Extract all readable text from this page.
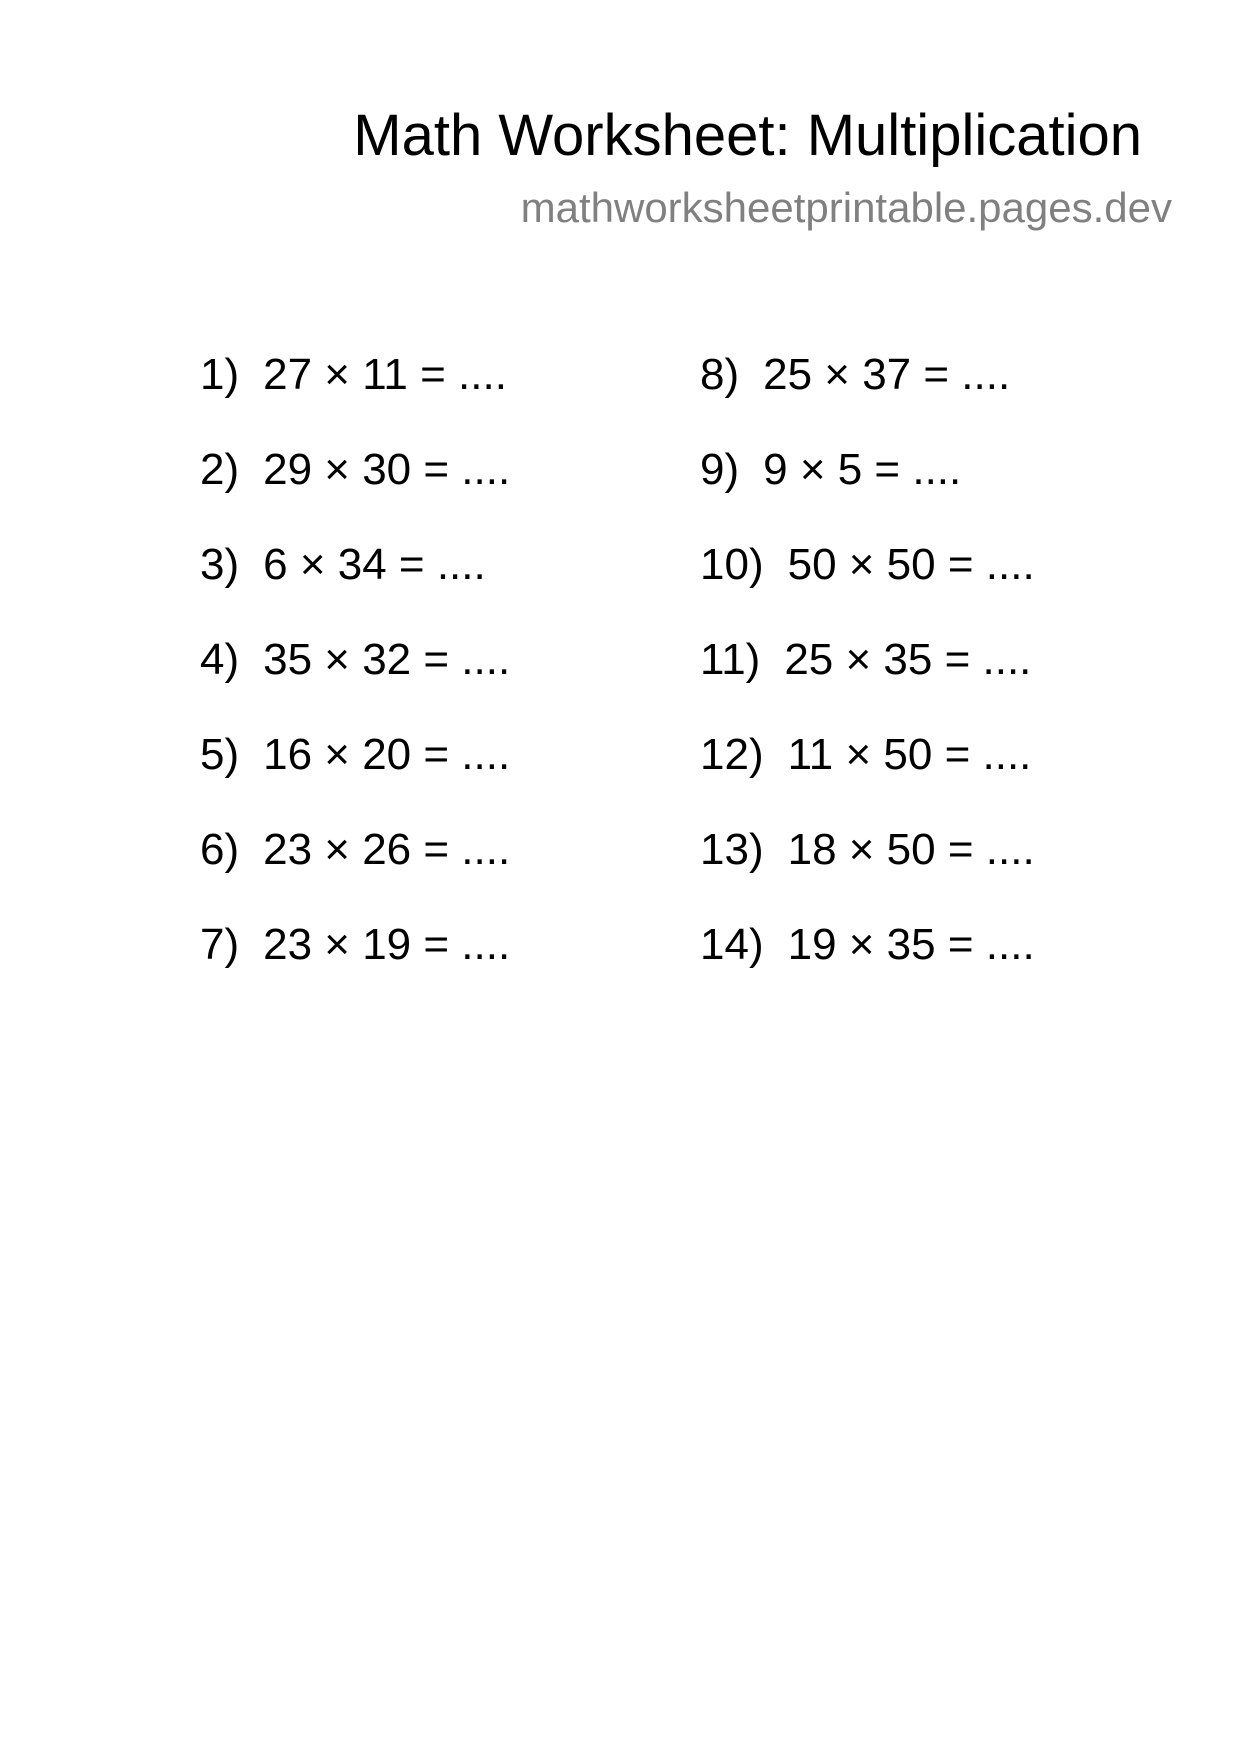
Math Worksheet: Multiplication
mathworksheetprintable.pages.dev
1) 27 × 11 = ....
2) 29 × 30 = ....
3) 6 × 34 = ....
4) 35 × 32 = ....
5) 16 × 20 = ....
6) 23 × 26 = ....
7) 23 × 19 = ....
8) 25 × 37 = ....
9) 9 × 5 = ....
10) 50 × 50 = ....
11) 25 × 35 = ....
12) 11 × 50 = ....
13) 18 × 50 = ....
14) 19 × 35 = ....
